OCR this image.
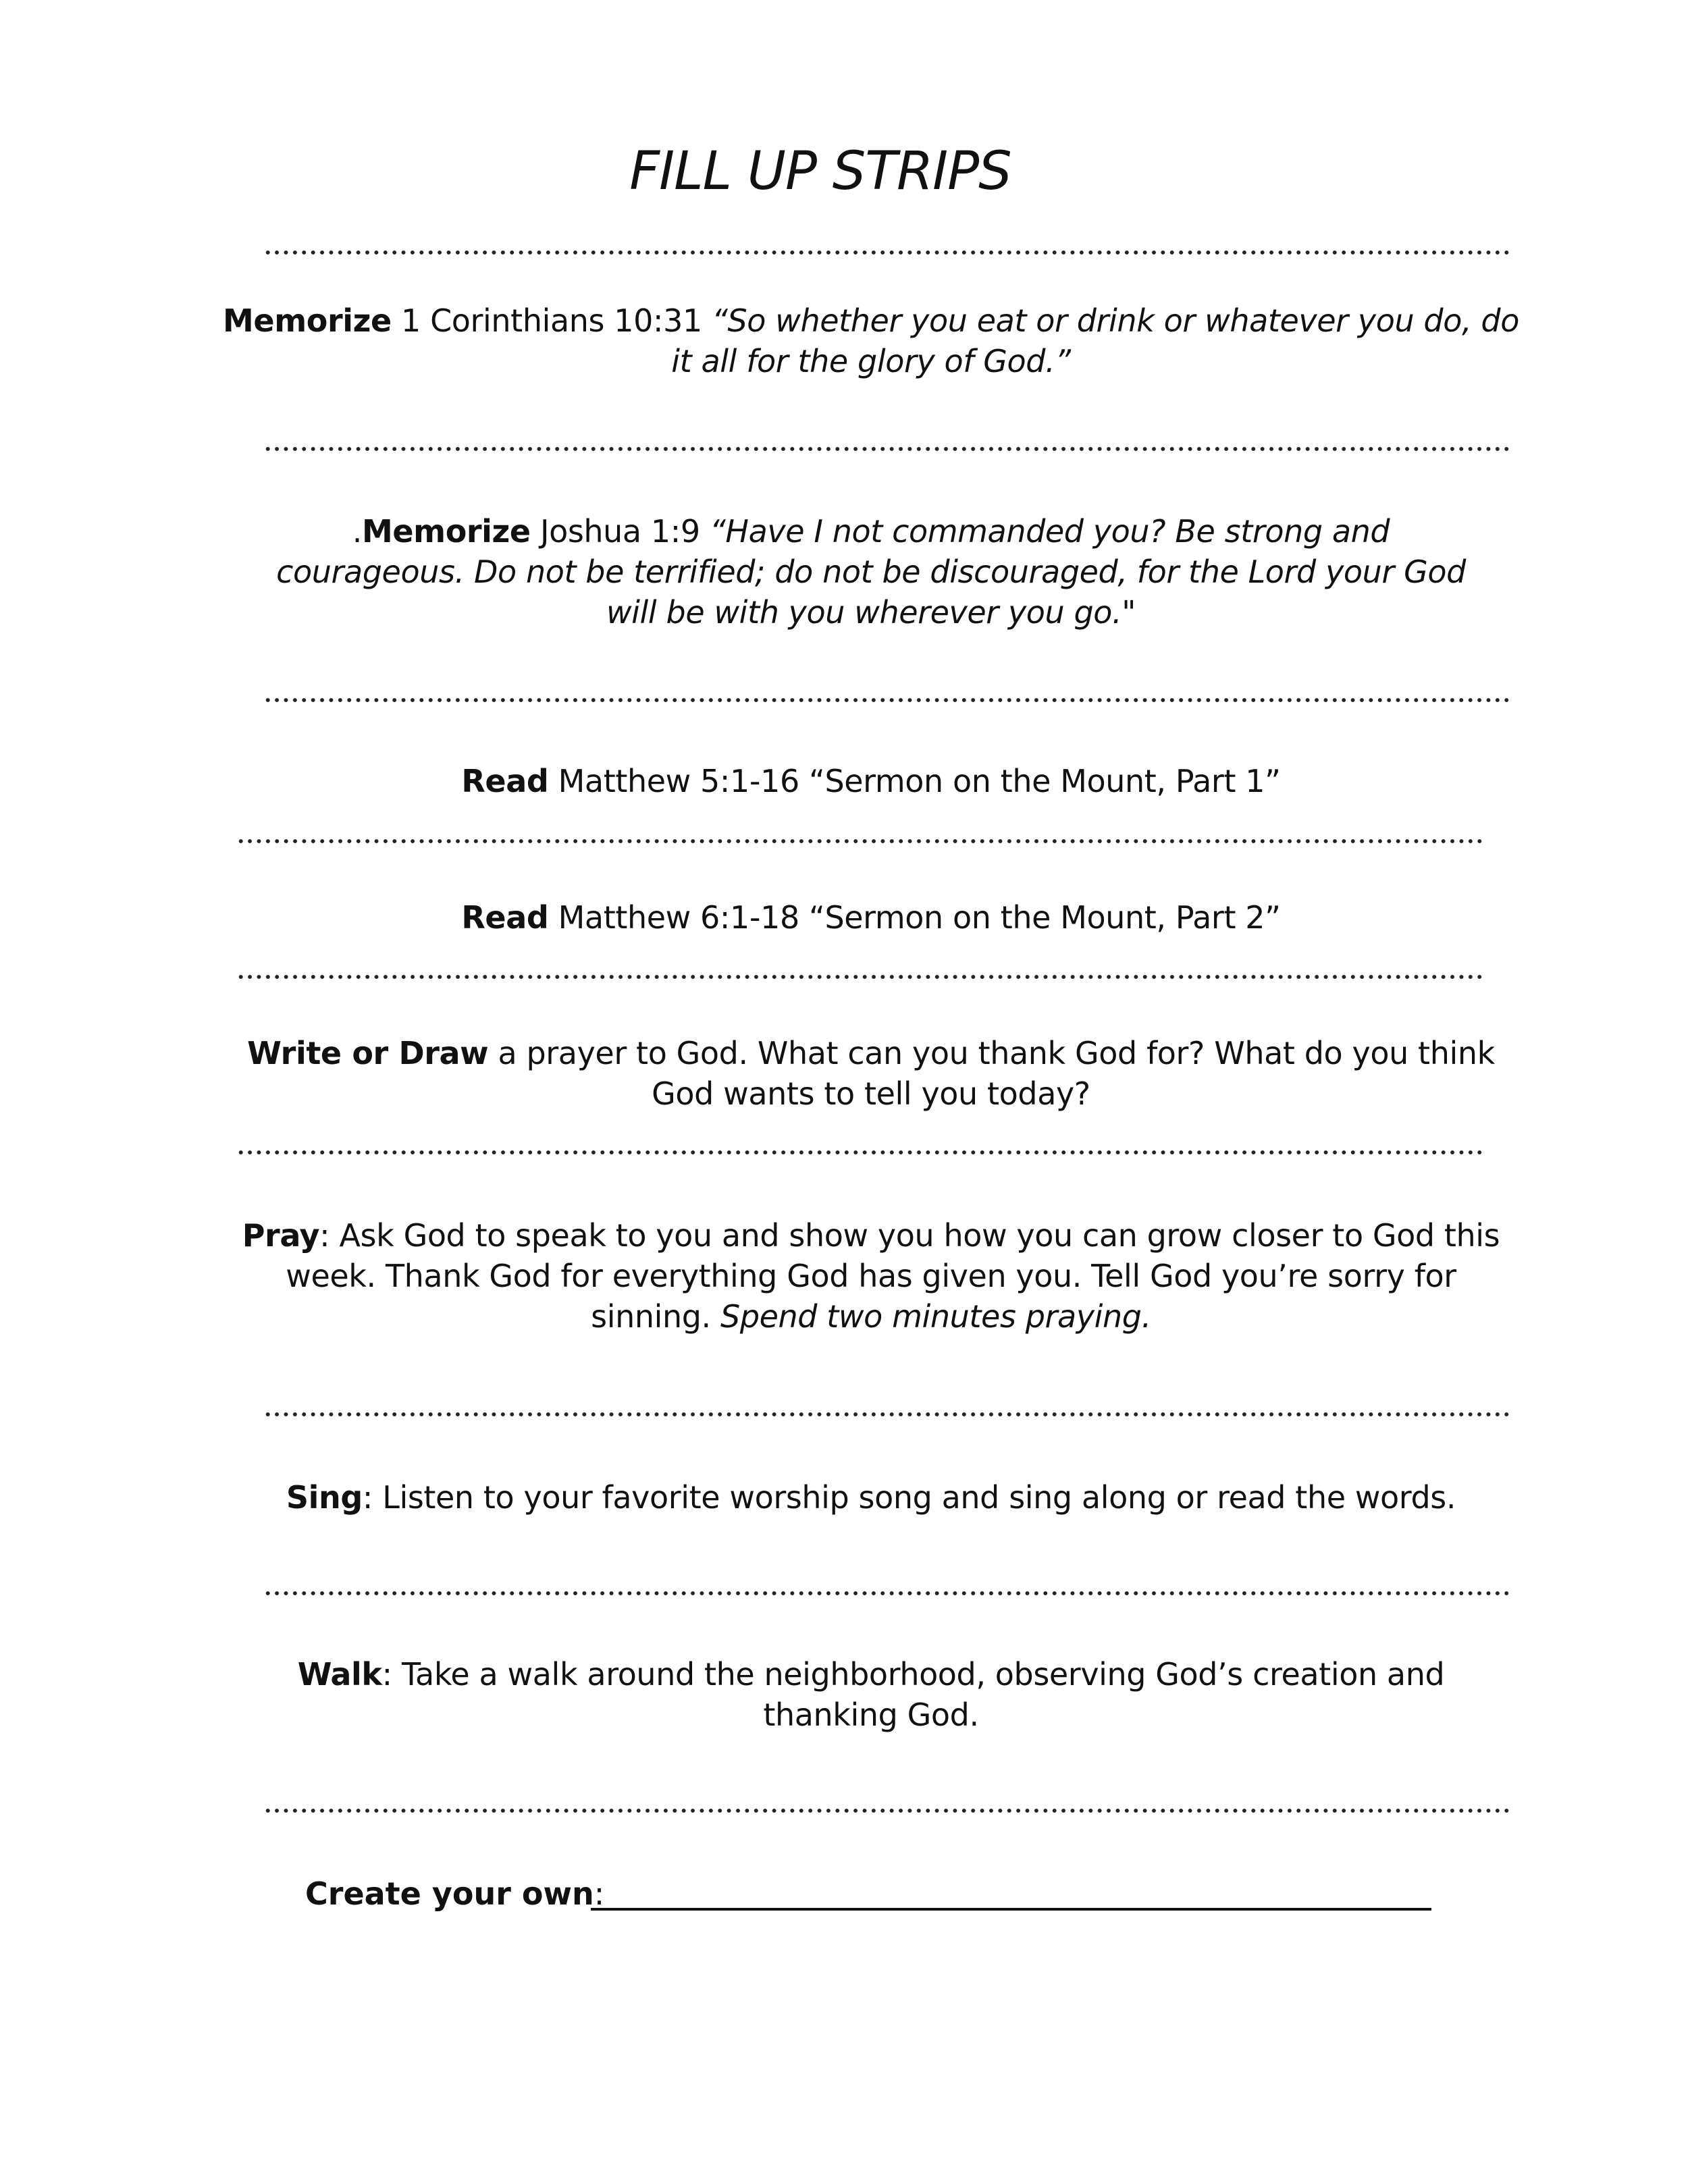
FILL UP STRIPS
Memorize 1 Corinthians 10:31 “So whether you eat or drink or whatever you do, do it all for the glory of God.”
.Memorize Joshua 1:9 “Have I not commanded you? Be strong and courageous. Do not be terrified; do not be discouraged, for the Lord your God will be with you wherever you go."
Read Matthew 5:1-16 “Sermon on the Mount, Part 1”
Read Matthew 6:1-18 “Sermon on the Mount, Part 2”
Write or Draw a prayer to God. What can you thank God for? What do you think God wants to tell you today?
Pray: Ask God to speak to you and show you how you can grow closer to God this week. Thank God for everything God has given you. Tell God you’re sorry for sinning. Spend two minutes praying.
Sing: Listen to your favorite worship song and sing along or read the words.
Walk: Take a walk around the neighborhood, observing God’s creation and thanking God.
Create your own:
